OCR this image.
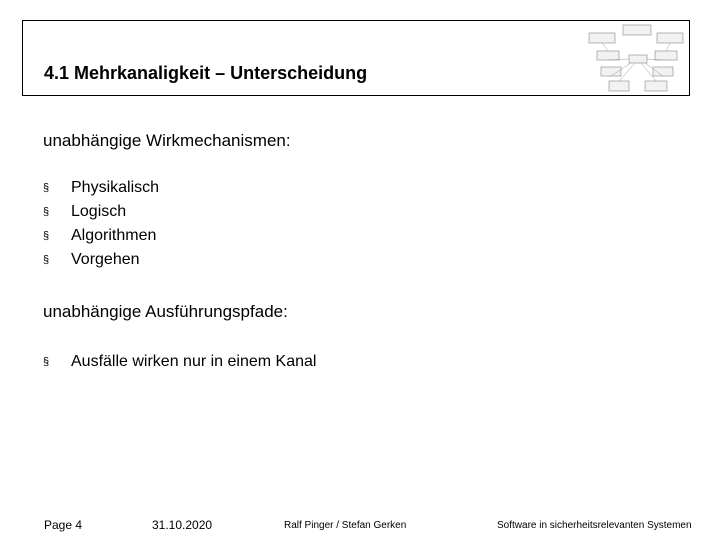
4.1 Mehrkanaligkeit – Unterscheidung
unabhängige Wirkmechanismen:
§	Physikalisch
§	Logisch
§	Algorithmen
§	Vorgehen
unabhängige Ausführungspfade:
§	Ausfälle wirken nur in einem Kanal
Page 4	31.10.2020	Ralf Pinger / Stefan Gerken	Software in sicherheitsrelevanten Systemen
